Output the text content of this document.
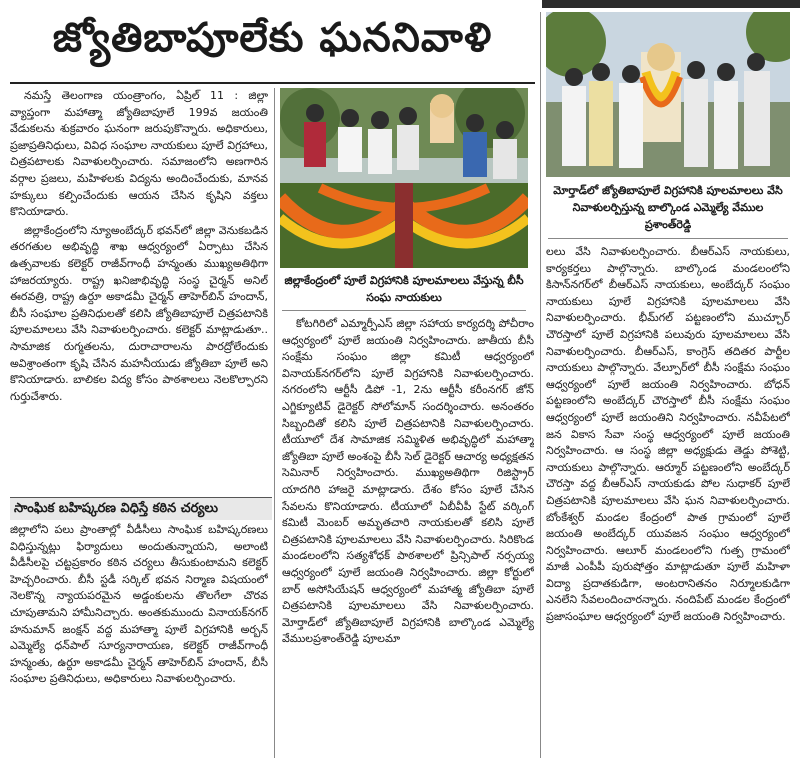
జ్యోతిబాపూలేకు ఘననివాళి

నమస్తే తెలంగాణ యంత్రాంగం, ఏప్రిల్ 11 : జిల్లా వ్యాప్తంగా మహాత్మా జ్యోతిబాపూలే 199వ జయంతి వేడుకలను శుక్రవారం ఘనంగా జరుపుకొన్నారు. అధికారులు, ప్రజాప్రతినిధులు, వివిధ సంఘాల నాయకులు పూలే విగ్రహాలు, చిత్రపటాలకు నివాళులర్పించారు. సమాజంలోని అణగారిన వర్గాల ప్రజలు, మహిళలకు విద్యను అందించేందుకు, మానవ హక్కులు కల్పించేందుకు ఆయన చేసిన కృషిని వక్తలు కొనియాడారు.

జిల్లాకేంద్రంలోని న్యూఅంబేద్కర్ భవన్‌లో జిల్లా వెనుకబడిన తరగతుల అభివృద్ధి శాఖ ఆధ్వర్యంలో ఏర్పాటు చేసిన ఉత్సవాలకు కలెక్టర్ రాజీవ్‌గాంధీ హన్మంతు ముఖ్యఅతిథిగా హాజరయ్యారు. రాష్ట్ర ఖనిజాభివృద్ధి సంస్థ చైర్మన్ అనిల్ ఈరవత్రి, రాష్ట్ర ఉర్దూ అకాడమీ చైర్మన్ తాహెర్‌బిన్ హందాన్, బీసీ సంఘాల ప్రతినిధులతో కలిసి జ్యోతిబాపూలే చిత్రపటానికి పూలమాలలు వేసి నివాళులర్పించారు. కలెక్టర్ మాట్లాడుతూ.. సామాజిక రుగ్మతలను, దురాచారాలను పారద్రోలేందుకు అవిశ్రాంతంగా కృషి చేసిన మహనీయుడు జ్యోతిబా పూలే అని కొనియాడారు. బాలికల విద్య కోసం పాఠశాలలు నెలకొల్పారని గుర్తుచేశారు.

సాంఘిక బహిష్కరణ విధిస్తే కఠిన చర్యలు

జిల్లాలోని పలు ప్రాంతాల్లో వీడీసీలు సాంఘిక బహిష్కరణలు విధిస్తున్నట్లు ఫిర్యాదులు అందుతున్నాయని, అలాంటి వీడీసీలపై చట్టప్రకారం కఠిన చర్యలు తీసుకుంటామని కలెక్టర్ హెచ్చరించారు. బీసీ స్టడీ సర్కిల్ భవన నిర్మాణ విషయంలో నెలకొన్న న్యాయపరమైన అడ్డంకులను తొలగేలా చొరవ చూపుతామని హామీనిచ్చారు. అంతకుముందు వినాయక్‌నగర్ హనుమాన్ జంక్షన్ వద్ద మహాత్మా పూలే విగ్రహానికి అర్బన్ ఎమ్మెల్యే ధన్‌పాల్ సూర్యనారాయణ, కలెక్టర్ రాజీవ్‌గాంధీ హన్మంతు, ఉర్దూ అకాడమీ చైర్మన్ తాహెర్‌బిన్ హందాన్, బీసీ సంఘాల ప్రతినిధులు, అధికారులు నివాళులర్పించారు.

జిల్లాకేంద్రంలో పూలే విగ్రహానికి పూలమాలలు వేస్తున్న బీసీ సంఘ నాయకులు

కోటగిరిలో ఎమ్మార్పీఎస్ జిల్లా సహాయ కార్యదర్శి పోచీరాం ఆధ్వర్యంలో పూలే జయంతి నిర్వహించారు. జాతీయ బీసీ సంక్షేమ సంఘం జిల్లా కమిటీ ఆధ్వర్యంలో వినాయక్‌నగర్‌లోని పూలే విగ్రహానికి నివాళులర్పించారు. నగరంలోని ఆర్టీసీ డిపో -1, 2ను ఆర్టీసీ కరీంనగర్ జోన్ ఎగ్జిక్యూటివ్ డైరెక్టర్ సోలోమాన్ సందర్శించారు. అనంతరం సిబ్బందితో కలిసి పూలే చిత్రపటానికి నివాళులర్పించారు. టీయూలో దేశ సామాజిక సమ్మిళిత అభివృద్ధిలో మహాత్మా జ్యోతిబా పూలే అంశంపై బీసీ సెల్ డైరెక్టర్ ఆచార్య అధ్యక్షతన సెమినార్ నిర్వహించారు. ముఖ్యఅతిథిగా రిజిస్ట్రార్ యాదగిరి హాజరై మాట్లాడారు. దేశం కోసం పూలే చేసిన సేవలను కొనియాడారు. టీయూలో ఏబీవీపీ స్టేట్ వర్కింగ్ కమిటీ మెంబర్ అమృతచారి నాయకులతో కలిసి పూలే చిత్రపటానికి పూలమాలలు వేసి నివాళులర్పించారు. సిరికొండ మండలంలోని సత్యశోధక్ పాఠశాలలో ప్రిన్సిపాల్ నర్సయ్య ఆధ్వర్యంలో పూలే జయంతి నిర్వహించారు. జిల్లా కోర్టులో బార్ అసోసియేషన్ ఆధ్వర్యంలో మహాత్మ జ్యోతిబా పూలే చిత్రపటానికి పూలమాలలు వేసి నివాళులర్పించారు. మోర్తాడ్‌లో జ్యోతిబాపూలే విగ్రహానికి బాల్కొండ ఎమ్మెల్యే వేములప్రశాంత్‌రెడ్డి పూలమా

మోర్తాడ్‌లో జ్యోతిబాపూలే విగ్రహానికి పూలమాలలు వేసి నివాళులర్పిస్తున్న బాల్కొండ ఎమ్మెల్యే వేముల ప్రశాంత్‌రెడ్డి

లలు వేసి నివాళులర్పించారు. బీఆర్ఎస్ నాయకులు, కార్యకర్తలు పాల్గొన్నారు. బాల్కొండ మండలంలోని కిసాన్‌నగర్‌లో బీఆర్ఎస్ నాయకులు, అంబేద్కర్ సంఘం నాయకులు పూలే విగ్రహానికి పూలమాలలు వేసి నివాళులర్పించారు. భీమ్‌గల్ పట్టణంలోని ముచ్చూర్ చౌరస్తాలో పూలే విగ్రహానికి పలువురు పూలమాలలు వేసి నివాళులర్పించారు. బీఆర్ఎస్, కాంగ్రెస్ తదితర పార్టీల నాయకులు పాల్గొన్నారు. వేల్పూర్‌లో బీసీ సంక్షేమ సంఘం ఆధ్వర్యంలో పూలే జయంతి నిర్వహించారు. బోధన్ పట్టణంలోని అంబేద్కర్ చౌరస్తాలో బీసీ సంక్షేమ సంఘం ఆధ్వర్యంలో పూలే జయంతిని నిర్వహించారు. నవీపేటలో జన వికాస సేవా సంస్థ ఆధ్వర్యంలో పూలే జయంతి నిర్వహించారు. ఆ సంస్థ జిల్లా అధ్యక్షుడు తెడ్డు పోశెట్టి, నాయకులు పాల్గొన్నారు. ఆర్మూర్ పట్టణంలోని అంబేద్కర్ చౌరస్తా వద్ద బీఆర్ఎస్ నాయకుడు పోల సుధాకర్ పూలే చిత్రపటానికి పూలమాలలు వేసి ఘన నివాళులర్పించారు. బోంకేశ్వర్ మండల కేంద్రంలో పాత గ్రామంలో పూలే జయంతి అంబేద్కర్ యువజన సంఘం ఆధ్వర్యంలో నిర్వహించారు. ఆలూర్ మండలంలోని గుత్ప గ్రామంలో మాజీ ఎంపీపీ పురుషోత్తం మాట్లాడుతూ పూలే మహిళా విద్యా ప్రదాతకుడిగా, అంటరానితనం నిర్మూలకుడిగా ఎనలేని సేవలందించారన్నారు. నందిపేట్ మండల కేంద్రంలో ప్రజాసంఘాల ఆధ్వర్యంలో పూలే జయంతి నిర్వహించారు.
